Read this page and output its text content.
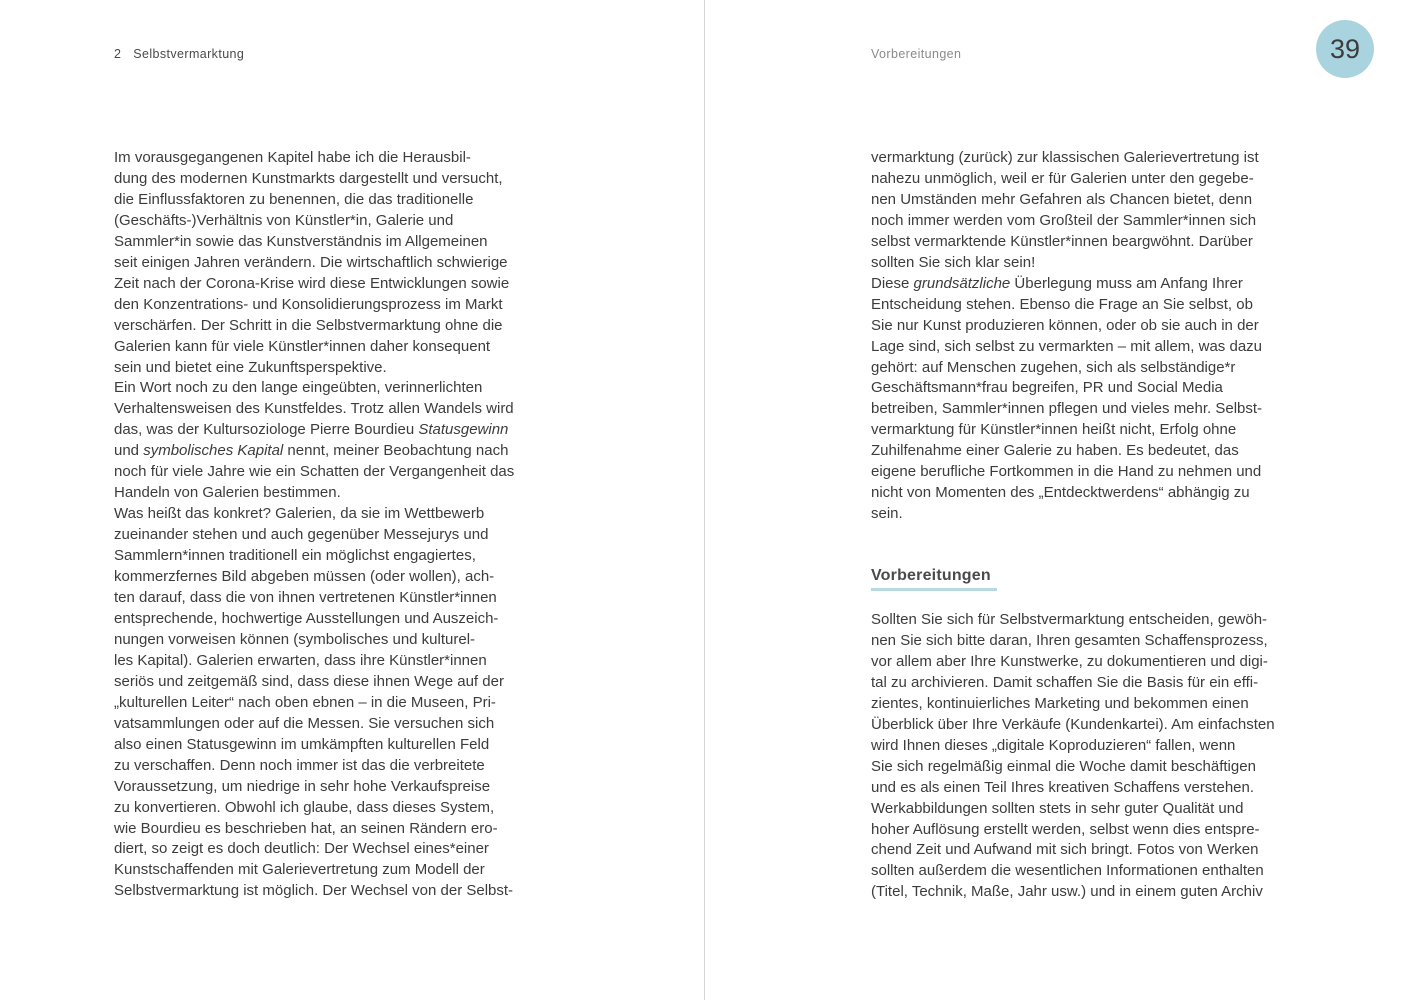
2 Selbstvermarktung
Im vorausgegangenen Kapitel habe ich die Herausbil-
dung des modernen Kunstmarkts dargestellt und versucht,
die Einflussfaktoren zu benennen, die das traditionelle
(Geschäfts-)Verhältnis von Künstler*in, Galerie und
Sammler*in sowie das Kunstverständnis im Allgemeinen
seit einigen Jahren verändern. Die wirtschaftlich schwierige
Zeit nach der Corona-Krise wird diese Entwicklungen sowie
den Konzentrations- und Konsolidierungsprozess im Markt
verschärfen. Der Schritt in die Selbstvermarktung ohne die
Galerien kann für viele Künstler*innen daher konsequent
sein und bietet eine Zukunftsperspektive.
Ein Wort noch zu den lange eingeübten, verinnerlichten
Verhaltensweisen des Kunstfeldes. Trotz allen Wandels wird
das, was der Kultursoziologe Pierre Bourdieu Statusgewinn
und symbolisches Kapital nennt, meiner Beobachtung nach
noch für viele Jahre wie ein Schatten der Vergangenheit das
Handeln von Galerien bestimmen.
Was heißt das konkret? Galerien, da sie im Wettbewerb
zueinander stehen und auch gegenüber Messejurys und
Sammlern*innen traditionell ein möglichst engagiertes,
kommerzfernes Bild abgeben müssen (oder wollen), ach-
ten darauf, dass die von ihnen vertretenen Künstler*innen
entsprechende, hochwertige Ausstellungen und Auszeich-
nungen vorweisen können (symbolisches und kulturel-
les Kapital). Galerien erwarten, dass ihre Künstler*innen
seriös und zeitgemäß sind, dass diese ihnen Wege auf der
„kulturellen Leiter“ nach oben ebnen – in die Museen, Pri-
vatsammlungen oder auf die Messen. Sie versuchen sich
also einen Statusgewinn im umkämpften kulturellen Feld
zu verschaffen. Denn noch immer ist das die verbreitete
Voraussetzung, um niedrige in sehr hohe Verkaufspreise
zu konvertieren. Obwohl ich glaube, dass dieses System,
wie Bourdieu es beschrieben hat, an seinen Rändern ero-
diert, so zeigt es doch deutlich: Der Wechsel eines*einer
Kunstschaffenden mit Galerievertretung zum Modell der
Selbstvermarktung ist möglich. Der Wechsel von der Selbst-
Vorbereitungen	39
vermarktung (zurück) zur klassischen Galerievertretung ist
nahezu unmöglich, weil er für Galerien unter den gegebe-
nen Umständen mehr Gefahren als Chancen bietet, denn
noch immer werden vom Großteil der Sammler*innen sich
selbst vermarktende Künstler*innen beargwöhnt. Darüber
sollten Sie sich klar sein!
Diese grundsätzliche Überlegung muss am Anfang Ihrer
Entscheidung stehen. Ebenso die Frage an Sie selbst, ob
Sie nur Kunst produzieren können, oder ob sie auch in der
Lage sind, sich selbst zu vermarkten – mit allem, was dazu
gehört: auf Menschen zugehen, sich als selbständige*r
Geschäftsmann*frau begreifen, PR und Social Media
betreiben, Sammler*innen pflegen und vieles mehr. Selbst-
vermarktung für Künstler*innen heißt nicht, Erfolg ohne
Zuhilfenahme einer Galerie zu haben. Es bedeutet, das
eigene berufliche Fortkommen in die Hand zu nehmen und
nicht von Momenten des „Entdecktwerdens“ abhängig zu
sein.
Vorbereitungen
Sollten Sie sich für Selbstvermarktung entscheiden, gewöh-
nen Sie sich bitte daran, Ihren gesamten Schaffensprozess,
vor allem aber Ihre Kunstwerke, zu dokumentieren und digi-
tal zu archivieren. Damit schaffen Sie die Basis für ein effi-
zientes, kontinuierliches Marketing und bekommen einen
Überblick über Ihre Verkäufe (Kundenkartei). Am einfachsten
wird Ihnen dieses „digitale Koproduzieren“ fallen, wenn
Sie sich regelmäßig einmal die Woche damit beschäftigen
und es als einen Teil Ihres kreativen Schaffens verstehen.
Werkabbildungen sollten stets in sehr guter Qualität und
hoher Auflösung erstellt werden, selbst wenn dies entspre-
chend Zeit und Aufwand mit sich bringt. Fotos von Werken
sollten außerdem die wesentlichen Informationen enthalten
(Titel, Technik, Maße, Jahr usw.) und in einem guten Archiv
